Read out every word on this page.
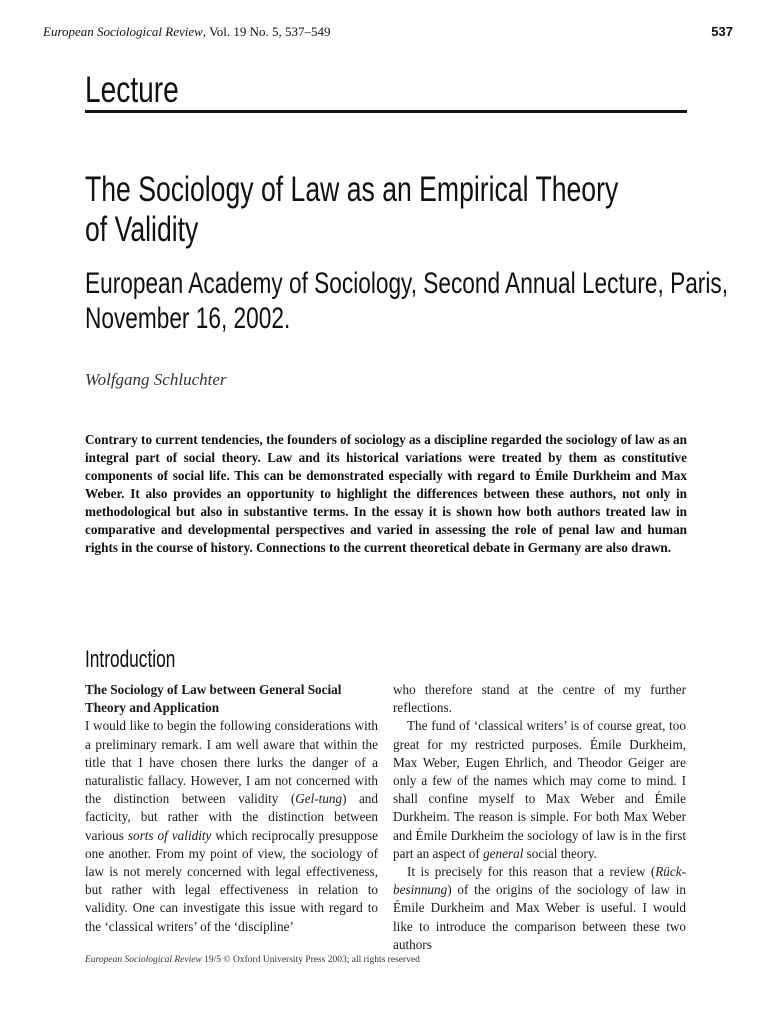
European Sociological Review, Vol. 19 No. 5, 537–549	537
Lecture
The Sociology of Law as an Empirical Theory
of Validity
European Academy of Sociology, Second Annual Lecture, Paris,
November 16, 2002.
Wolfgang Schluchter
Contrary to current tendencies, the founders of sociology as a discipline regarded the sociology of law as an integral part of social theory. Law and its historical variations were treated by them as constitutive components of social life. This can be demonstrated especially with regard to Émile Durkheim and Max Weber. It also provides an opportunity to highlight the differences between these authors, not only in methodological but also in substantive terms. In the essay it is shown how both authors treated law in comparative and developmental perspectives and varied in assessing the role of penal law and human rights in the course of history. Connections to the current theoretical debate in Germany are also drawn.
Introduction

The Sociology of Law between General Social Theory and Application

I would like to begin the following considerations with a preliminary remark. I am well aware that within the title that I have chosen there lurks the danger of a naturalistic fallacy. However, I am not concerned with the distinction between validity (Gel-tung) and facticity, but rather with the distinction between various sorts of validity which reciprocally presuppose one another. From my point of view, the sociology of law is not merely concerned with legal effectiveness, but rather with legal effectiveness in relation to validity. One can investigate this issue with regard to the ‘classical writers’ of the ‘discipline’

who therefore stand at the centre of my further reflections.

The fund of ‘classical writers’ is of course great, too great for my restricted purposes. Émile Durkheim, Max Weber, Eugen Ehrlich, and Theodor Geiger are only a few of the names which may come to mind. I shall confine myself to Max Weber and Émile Durkheim. The reason is simple. For both Max Weber and Émile Durkheim the sociology of law is in the first part an aspect of general social theory.

It is precisely for this reason that a review (Rück-besinnung) of the origins of the sociology of law in Émile Durkheim and Max Weber is useful. I would like to introduce the comparison between these two authors

European Sociological Review 19/5 © Oxford University Press 2003; all rights reserved
